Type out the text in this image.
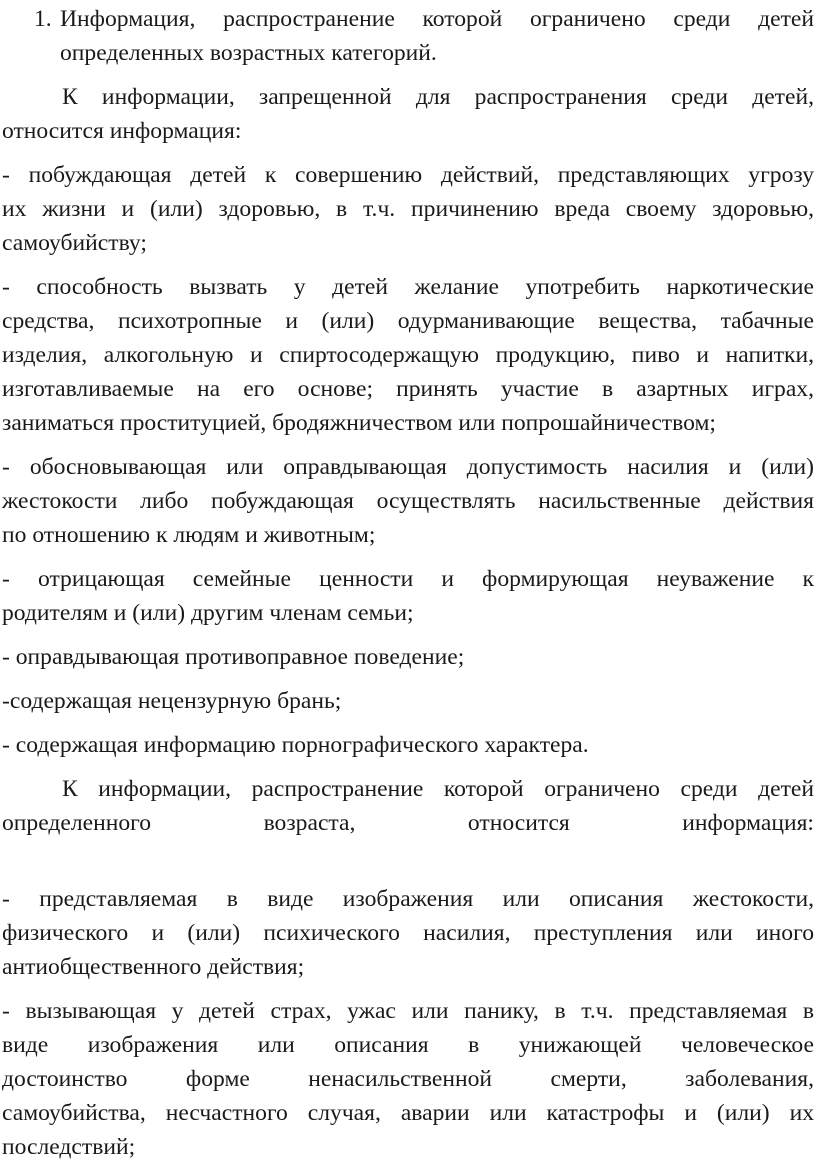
1. Информация, распространение которой ограничено среди детей
определенных возрастных категорий.
К информации, запрещенной для распространения среди детей,
относится информация:
- побуждающая детей к совершению действий, представляющих угрозу
их жизни и (или) здоровью, в т.ч. причинению вреда своему здоровью,
самоубийству;
- способность вызвать у детей желание употребить наркотические
средства, психотропные и (или) одурманивающие вещества, табачные
изделия, алкогольную и спиртосодержащую продукцию, пиво и напитки,
изготавливаемые на его основе; принять участие в азартных играх,
заниматься проституцией, бродяжничеством или попрошайничеством;
- обосновывающая или оправдывающая допустимость насилия и (или)
жестокости либо побуждающая осуществлять насильственные действия
по отношению к людям и животным;
- отрицающая семейные ценности и формирующая неуважение к
родителям и (или) другим членам семьи;
- оправдывающая противоправное поведение;
-содержащая нецензурную брань;
- содержащая информацию порнографического характера.
К информации, распространение которой ограничено среди детей
определенного возраста, относится информация:
- представляемая в виде изображения или описания жестокости,
физического и (или) психического насилия, преступления или иного
антиобщественного действия;
- вызывающая у детей страх, ужас или панику, в т.ч. представляемая в
виде изображения или описания в унижающей человеческое
достоинство форме ненасильственной смерти, заболевания,
самоубийства, несчастного случая, аварии или катастрофы и (или) их
последствий;
